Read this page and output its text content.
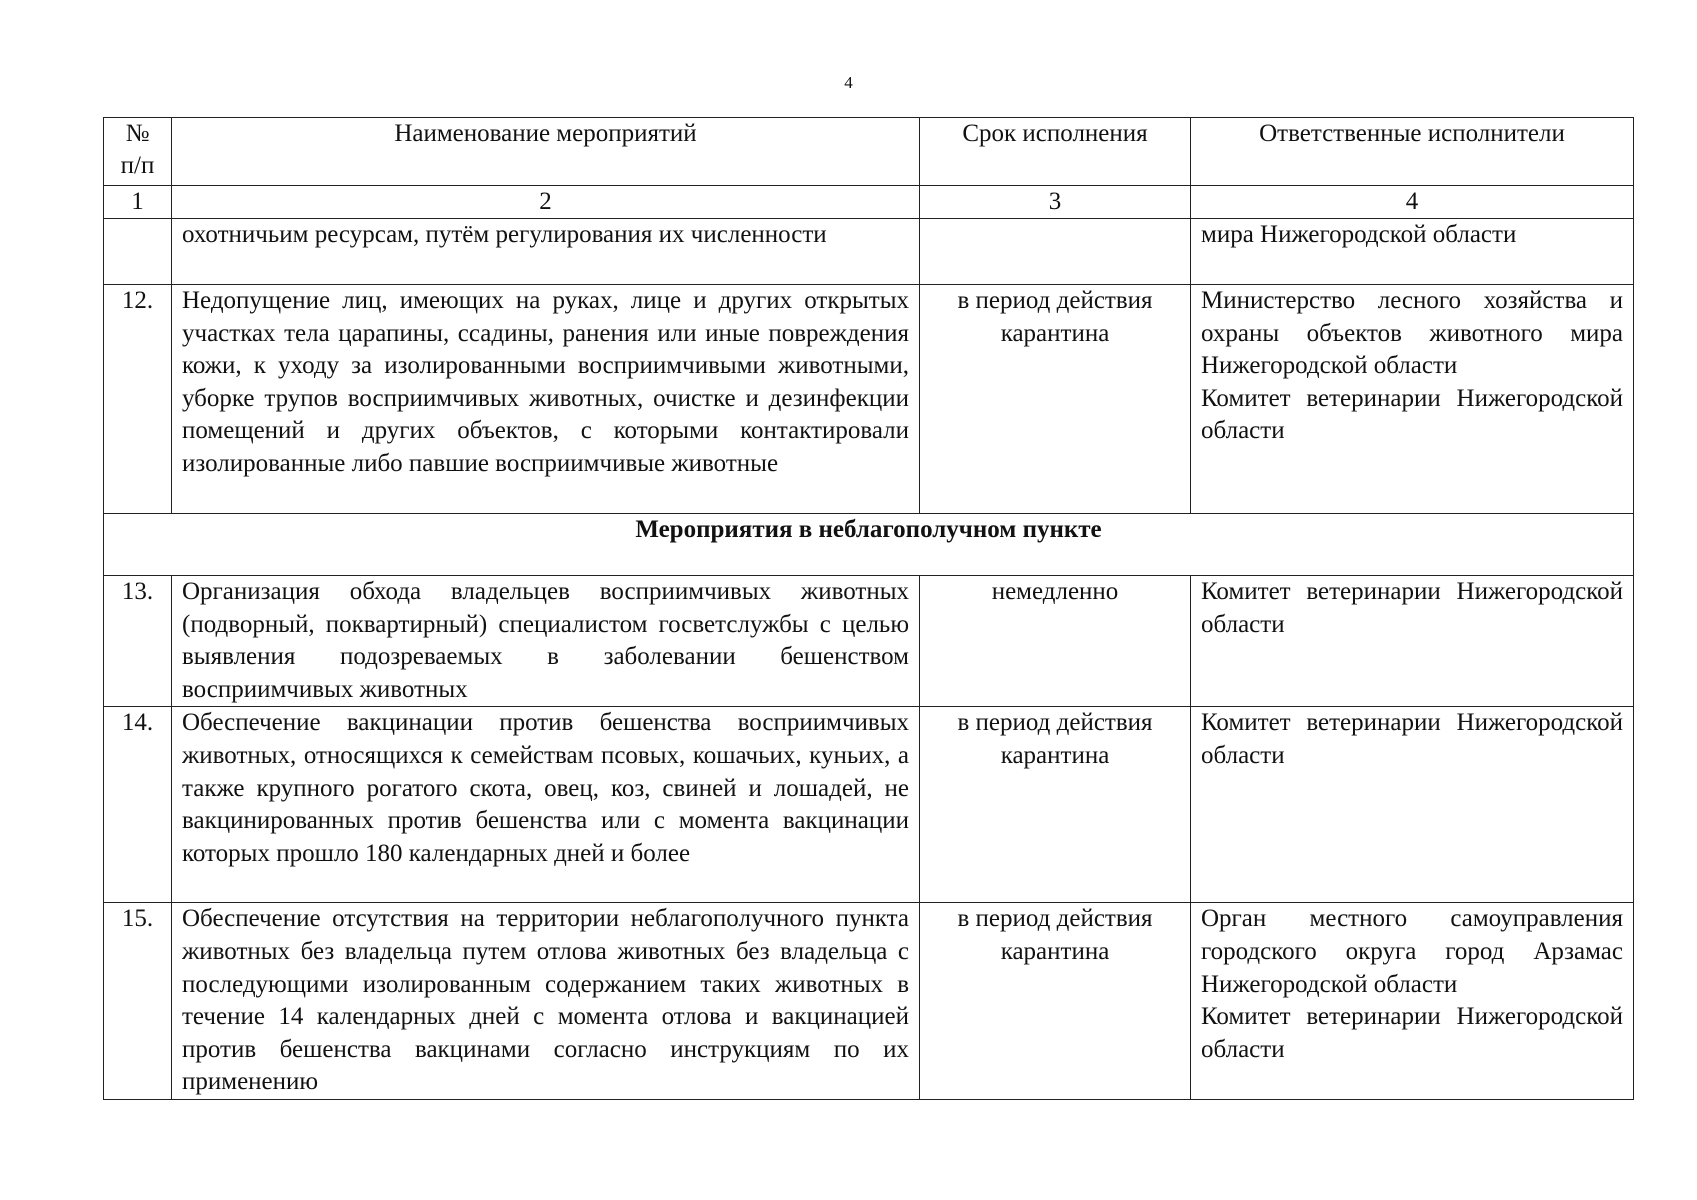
4
№ п/п	Наименование мероприятий	Срок исполнения	Ответственные исполнители
1	2	3	4
	охотничьим ресурсам, путём регулирования их численности		мира Нижегородской области

12.	Недопущение лиц, имеющих на руках, лице и других открытых участках тела царапины, ссадины, ранения или иные повреждения кожи, к уходу за изолированными восприимчивыми животными, уборке трупов восприимчивых животных, очистке и дезинфекции помещений и других объектов, с которыми контактировали изолированные либо павшие восприимчивые животные	в период действия карантина	Министерство лесного хозяйства и охраны объектов животного мира Нижегородской области
Комитет ветеринарии Нижегородской области

Мероприятия в неблагополучном пункте			
13.	Организация обхода владельцев восприимчивых животных (подворный, поквартирный) специалистом госветслужбы с целью выявления подозреваемых в заболевании бешенством восприимчивых животных	немедленно	Комитет ветеринарии Нижегородской области

14.	Обеспечение вакцинации против бешенства восприимчивых животных, относящихся к семействам псовых, кошачьих, куньих, а также крупного рогатого скота, овец, коз, свиней и лошадей, не вакцинированных против бешенства или с момента вакцинации которых прошло 180 календарных дней и более	в период действия карантина	Комитет ветеринарии Нижегородской области

15.	Обеспечение отсутствия на территории неблагополучного пункта животных без владельца путем отлова животных без владельца с последующими изолированным содержанием таких животных в течение 14 календарных дней с момента отлова и вакцинацией против бешенства вакцинами согласно инструкциям по их применению	в период действия карантина	Орган местного самоуправления городского округа город Арзамас Нижегородской области
Комитет ветеринарии Нижегородской области
